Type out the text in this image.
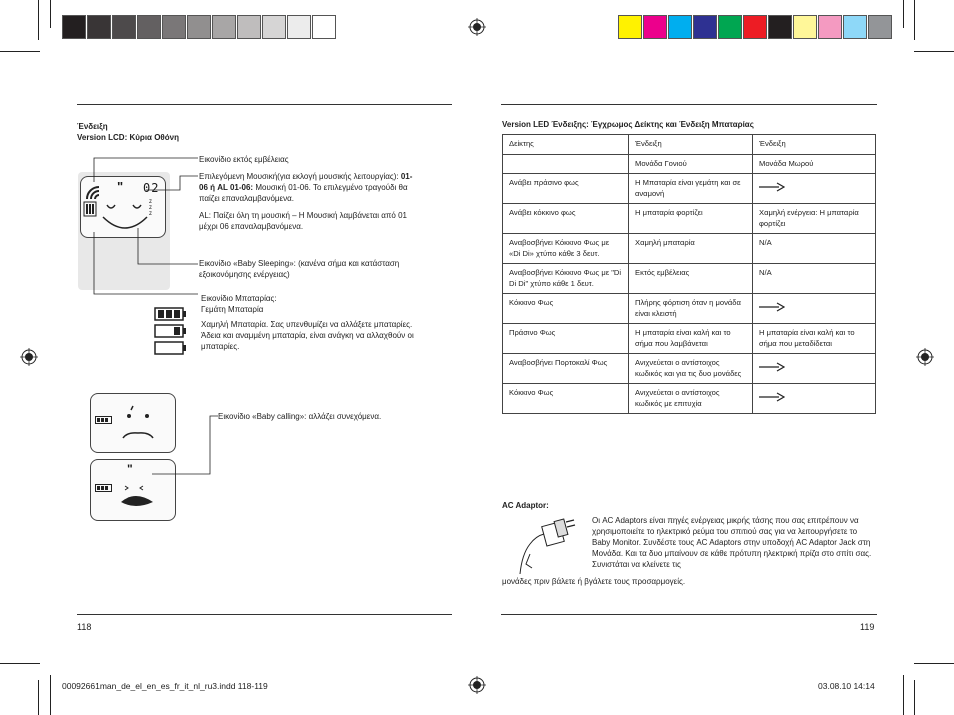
Ένδειξη
Version LCD: Κύρια Οθόνη
" 02
z
z
z
Εικονίδιο εκτός εμβέλειας
Επιλεγόμενη Μουσική(για εκλογή μουσικής λειτουργίας): 01-06 ή AL 01-06: Μουσική 01-06. Το επιλεγμένο τραγούδι θα παίζει επαναλαμβανόμενα.
AL: Παίζει όλη τη μουσική – Η Μουσική λαμβάνεται από 01 μέχρι 06 επαναλαμβανόμενα.
Εικονίδιο «Baby Sleeping»: (κανένα σήμα και κατάσταση εξοικονόμησης ενέργειας)
Εικονίδιο Μπαταρίας:
Γεμάτη Μπαταρία
Χαμηλή Μπαταρία. Σας υπενθυμίζει να αλλάξετε μπαταρίες.
Άδεια και αναμμένη μπαταρία, είναι ανάγκη να αλλαχθούν οι μπαταρίες.
"
Εικονίδιο «Baby calling»: αλλάζει συνεχόμενα.
118	119
Version LED Ένδειξης: Έγχρωμος Δείκτης και Ένδειξη Μπαταρίας
Δείκτης	Ένδειξη	Ένδειξη
	Μονάδα Γονιού	Μονάδα Μωρού
Ανάβει πράσινο φως	Η Μπαταρία είναι γεμάτη και σε αναμονή	
Ανάβει κόκκινο φως	Η μπαταρία φορτίζει	Χαμηλή ενέργεια: Η μπαταρία φορτίζει
Αναβοσβήνει Κόκκινο Φως με «Di Di» χτύπο κάθε 3 δευτ.	Χαμηλή μπαταρία	N/A
Αναβοσβήνει Κόκκινο Φως με "Di Di Di" χτύπο κάθε 1 δευτ.	Εκτός εμβέλειας	N/A
Κόκκινο Φως	Πλήρης φόρτιση όταν η μονάδα είναι κλειστή	
Πράσινο Φως	Η μπαταρία είναι καλή και το σήμα που λαμβάνεται	Η μπαταρία είναι καλή και το σήμα που μεταδίδεται
Αναβοσβήνει Πορτοκαλί Φως	Ανιχνεύεται ο αντίστοιχος κωδικός και για τις δυο μονάδες	
Κόκκινο Φως	Ανιχνεύεται ο αντίστοιχος κωδικός με επιτυχία	
AC Adaptor:
Οι AC Adaptors είναι πηγές ενέργειας μικρής τάσης που σας επιτρέπουν να χρησιμοποιείτε το ηλεκτρικό ρεύμα του σπιτιού σας για να λειτουργήσετε το Baby Monitor. Συνδέστε τους AC Adaptors στην υποδοχή AC Adaptor Jack στη Μονάδα. Και τα δυο μπαίνουν σε κάθε πρότυπη ηλεκτρική πρίζα στο σπίτι σας. Συνιστάται να κλείνετε τις
μονάδες πριν βάλετε ή βγάλετε τους προσαρμογείς.
00092661man_de_el_en_es_fr_it_nl_ru3.indd 118-119	03.08.10 14:14
